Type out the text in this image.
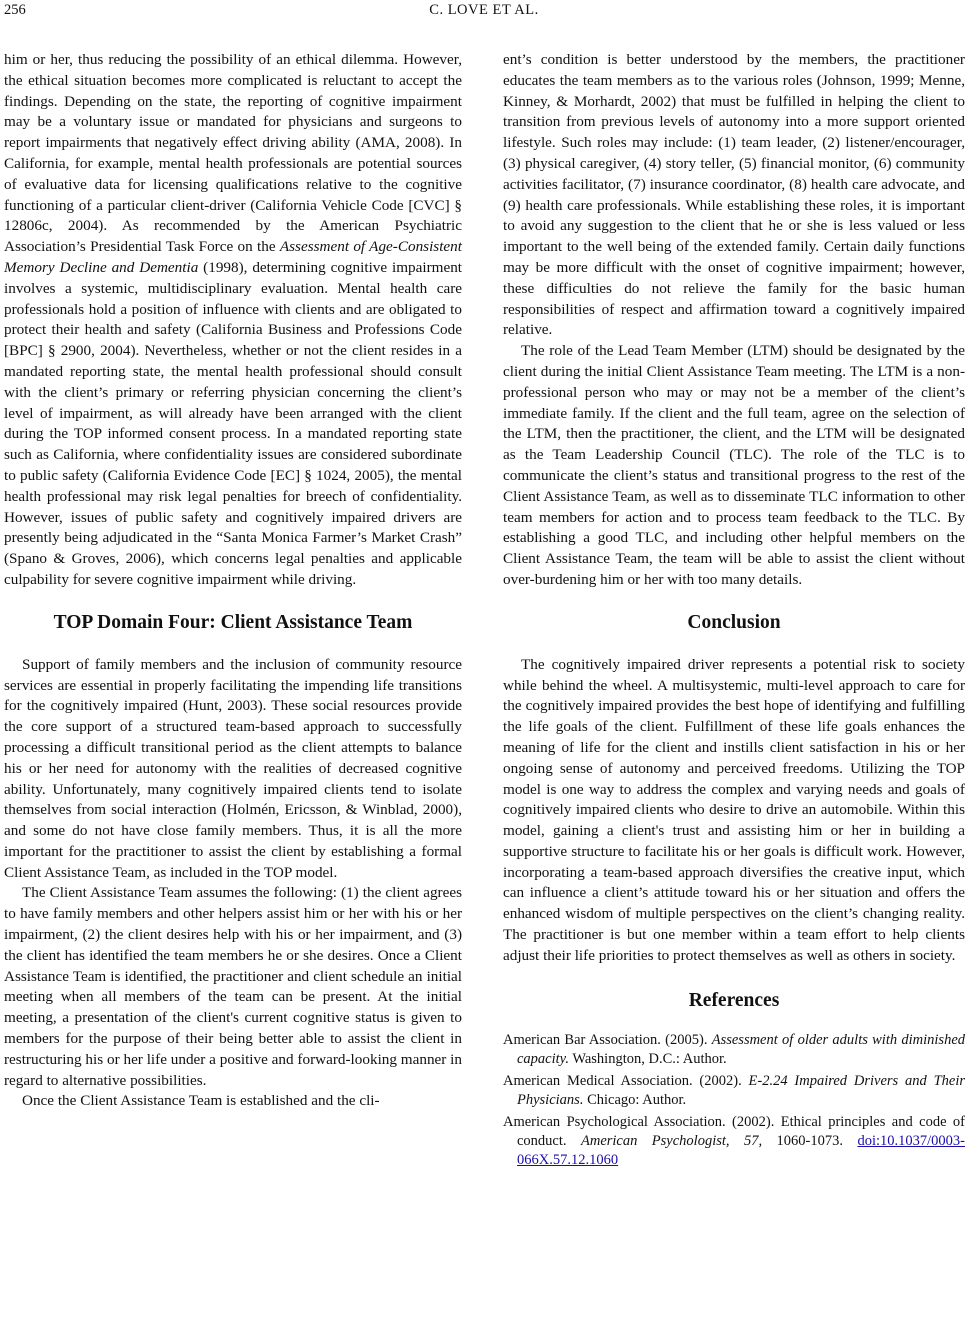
256	C. LOVE ET AL.

him or her, thus reducing the possibility of an ethical dilemma. However, the ethical situation becomes more complicated is reluctant to accept the findings. Depending on the state, the reporting of cognitive impairment may be a voluntary issue or mandated for physicians and surgeons to report impairments that negatively effect driving ability (AMA, 2008). In California, for example, mental health professionals are potential sources of evaluative data for licensing qualifications relative to the cognitive functioning of a particular client-driver (California Vehicle Code [CVC] § 12806c, 2004). As recommended by the American Psychiatric Association’s Presidential Task Force on the Assessment of Age-Consistent Memory Decline and Dementia (1998), determining cognitive impairment involves a systemic, multidisciplinary evaluation. Mental health care professionals hold a position of influence with clients and are obligated to protect their health and safety (California Business and Professions Code [BPC] § 2900, 2004). Nevertheless, whether or not the client resides in a mandated reporting state, the mental health professional should consult with the client’s primary or referring physician concerning the client’s level of impairment, as will already have been arranged with the client during the TOP informed consent process. In a mandated reporting state such as California, where confidentiality issues are considered subordinate to public safety (California Evidence Code [EC] § 1024, 2005), the mental health professional may risk legal penalties for breech of confidentiality. However, issues of public safety and cognitively impaired drivers are presently being adjudicated in the “Santa Monica Farmer’s Market Crash” (Spano & Groves, 2006), which concerns legal penalties and applicable culpability for severe cognitive impairment while driving.

TOP Domain Four: Client Assistance Team

Support of family members and the inclusion of community resource services are essential in properly facilitating the impending life transitions for the cognitively impaired (Hunt, 2003). These social resources provide the core support of a structured team-based approach to successfully processing a difficult transitional period as the client attempts to balance his or her need for autonomy with the realities of decreased cognitive ability. Unfortunately, many cognitively impaired clients tend to isolate themselves from social interaction (Holmén, Ericsson, & Winblad, 2000), and some do not have close family members. Thus, it is all the more important for the practitioner to assist the client by establishing a formal Client Assistance Team, as included in the TOP model.

The Client Assistance Team assumes the following: (1) the client agrees to have family members and other helpers assist him or her with his or her impairment, (2) the client desires help with his or her impairment, and (3) the client has identified the team members he or she desires. Once a Client Assistance Team is identified, the practitioner and client schedule an initial meeting when all members of the team can be present. At the initial meeting, a presentation of the client's current cognitive status is given to members for the purpose of their being better able to assist the client in restructuring his or her life under a positive and forward-looking manner in regard to alternative possibilities.

Once the Client Assistance Team is established and the cli-

ent’s condition is better understood by the members, the practitioner educates the team members as to the various roles (Johnson, 1999; Menne, Kinney, & Morhardt, 2002) that must be fulfilled in helping the client to transition from previous levels of autonomy into a more support oriented lifestyle. Such roles may include: (1) team leader, (2) listener/encourager, (3) physical caregiver, (4) story teller, (5) financial monitor, (6) community activities facilitator, (7) insurance coordinator, (8) health care advocate, and (9) health care professionals. While establishing these roles, it is important to avoid any suggestion to the client that he or she is less valued or less important to the well being of the extended family. Certain daily functions may be more difficult with the onset of cognitive impairment; however, these difficulties do not relieve the family for the basic human responsibilities of respect and affirmation toward a cognitively impaired relative.

The role of the Lead Team Member (LTM) should be designated by the client during the initial Client Assistance Team meeting. The LTM is a non-professional person who may or may not be a member of the client’s immediate family. If the client and the full team, agree on the selection of the LTM, then the practitioner, the client, and the LTM will be designated as the Team Leadership Council (TLC). The role of the TLC is to communicate the client’s status and transitional progress to the rest of the Client Assistance Team, as well as to disseminate TLC information to other team members for action and to process team feedback to the TLC. By establishing a good TLC, and including other helpful members on the Client Assistance Team, the team will be able to assist the client without over-burdening him or her with too many details.

Conclusion

The cognitively impaired driver represents a potential risk to society while behind the wheel. A multisystemic, multi-level approach to care for the cognitively impaired provides the best hope of identifying and fulfilling the life goals of the client. Fulfillment of these life goals enhances the meaning of life for the client and instills client satisfaction in his or her ongoing sense of autonomy and perceived freedoms. Utilizing the TOP model is one way to address the complex and varying needs and goals of cognitively impaired clients who desire to drive an automobile. Within this model, gaining a client's trust and assisting him or her in building a supportive structure to facilitate his or her goals is difficult work. However, incorporating a team-based approach diversifies the creative input, which can influence a client’s attitude toward his or her situation and offers the enhanced wisdom of multiple perspectives on the client’s changing reality. The practitioner is but one member within a team effort to help clients adjust their life priorities to protect themselves as well as others in society.

References

American Bar Association. (2005). Assessment of older adults with diminished capacity. Washington, D.C.: Author.

American Medical Association. (2002). E-2.24 Impaired Drivers and Their Physicians. Chicago: Author.

American Psychological Association. (2002). Ethical principles and code of conduct. American Psychologist, 57, 1060-1073. doi:10.1037/0003-066X.57.12.1060
